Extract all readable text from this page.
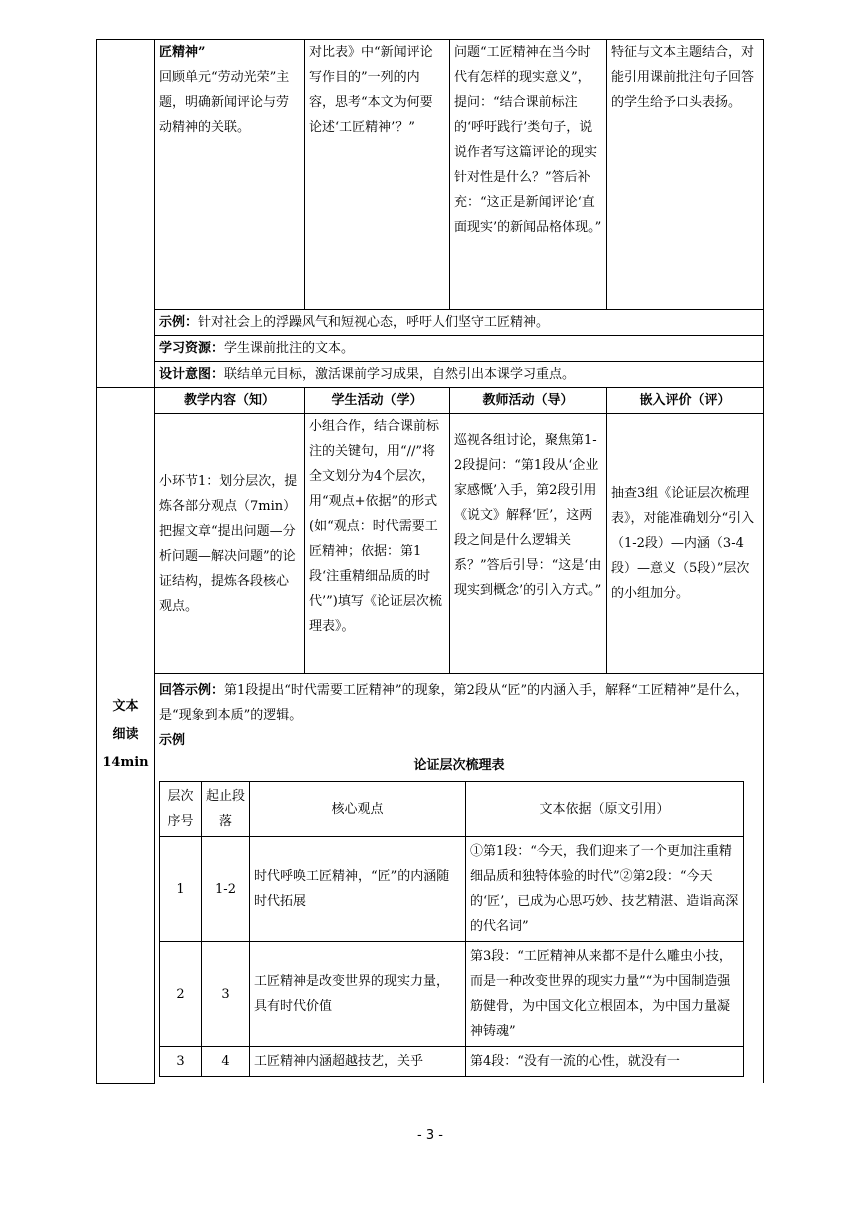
匠精神”
回顾单元“劳动光荣”主题，明确新闻评论与劳动精神的关联。
	对比表》中“新闻评论写作目的”一列的内容，思考“本文为何要论述‘工匠精神’？”	问题“工匠精神在当今时代有怎样的现实意义”，提问：“结合课前标注的‘呼吁践行’类句子，说说作者写这篇评论的现实针对性是什么？”答后补充：“这正是新闻评论‘直面现实’的新闻品格体现。”	特征与文本主题结合，对能引用课前批注句子回答的学生给予口头表扬。
示例：针对社会上的浮躁风气和短视心态，呼吁人们坚守工匠精神。
学习资源：学生课前批注的文本。
设计意图：联结单元目标，激活课前学习成果，自然引出本课学习重点。

文本
细读
14min
	教学内容（知）	学生活动（学）	教师活动（导）	嵌入评价（评）
小环节1：划分层次，提炼各部分观点（7min）把握文章“提出问题—分析问题—解决问题”的论证结构，提炼各段核心观点。	小组合作，结合课前标注的关键句，用“//”将全文划分为4个层次，用“观点+依据”的形式(如“观点：时代需要工匠精神；依据：第1段‘注重精细品质的时代’”)填写《论证层次梳理表》。	巡视各组讨论，聚焦第1-2段提问：“第1段从‘企业家感慨’入手，第2段引用《说文》解释‘匠’，这两段之间是什么逻辑关系？”答后引导：“这是‘由现实到概念’的引入方式。”	抽查3组《论证层次梳理表》，对能准确划分“引入（1-2段）—内涵（3-4段）—意义（5段）”层次的小组加分。

回答示例：第1段提出“时代需要工匠精神”的现象，第2段从“匠”的内涵入手，解释“工匠精神”是什么，是“现象到本质”的逻辑。
示例
论证层次梳理表
层次序号	起止段落	核心观点	文本依据（原文引用）
1	1-2	时代呼唤工匠精神，“匠”的内涵随时代拓展	①第1段：“今天，我们迎来了一个更加注重精细品质和独特体验的时代”②第2段：“今天的‘匠’，已成为心思巧妙、技艺精湛、造诣高深的代名词”
2	3	工匠精神是改变世界的现实力量，具有时代价值	第3段：“工匠精神从来都不是什么雕虫小技，而是一种改变世界的现实力量”“为中国制造强筋健骨，为中国文化立根固本，为中国力量凝神铸魂”
3	4	工匠精神内涵超越技艺，关乎	第4段：“没有一流的心性，就没有一
- 3 -
